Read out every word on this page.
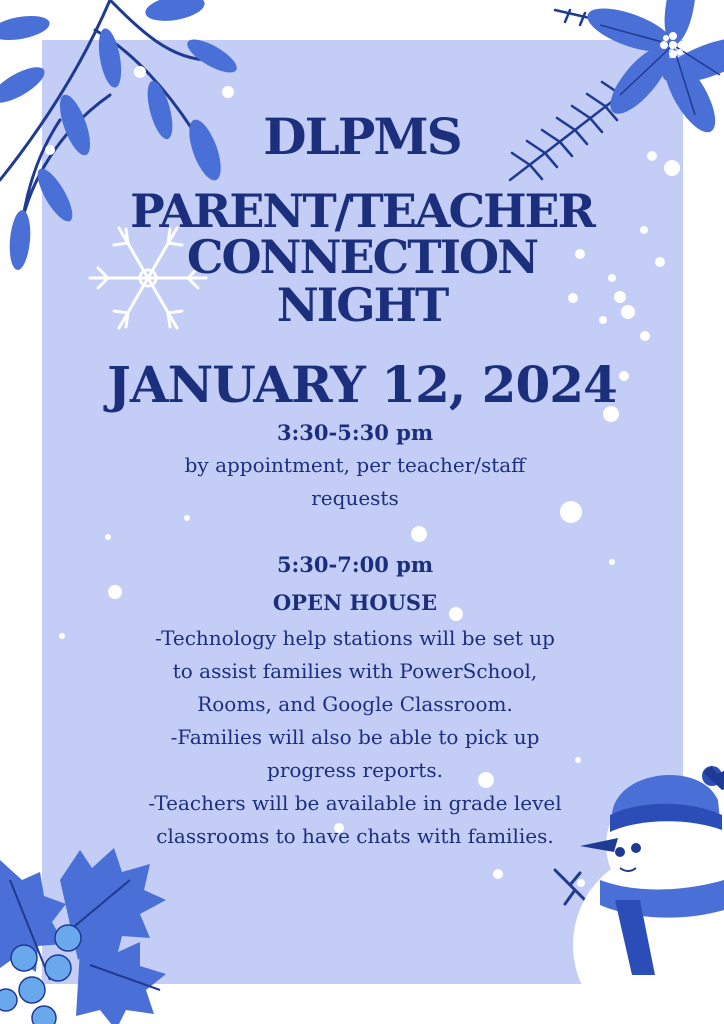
DLPMS
PARENT/TEACHER
CONNECTION
NIGHT
JANUARY 12, 2024
3:30-5:30 pm
by appointment, per teacher/staff
requests
5:30-7:00 pm
OPEN HOUSE
-Technology help stations will be set up
to assist families with PowerSchool,
Rooms, and Google Classroom.
-Families will also be able to pick up
progress reports.
-Teachers will be available in grade level
classrooms to have chats with families.
